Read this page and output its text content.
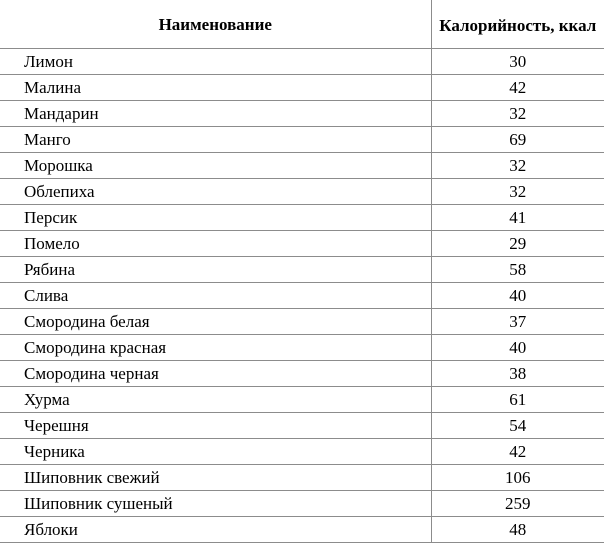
Наименование	Калорийность, ккал
Лимон	30
Малина	42
Мандарин	32
Манго	69
Морошка	32
Облепиха	32
Персик	41
Помело	29
Рябина	58
Слива	40
Смородина белая	37
Смородина красная	40
Смородина черная	38
Хурма	61
Черешня	54
Черника	42
Шиповник свежий	106
Шиповник сушеный	259
Яблоки	48
